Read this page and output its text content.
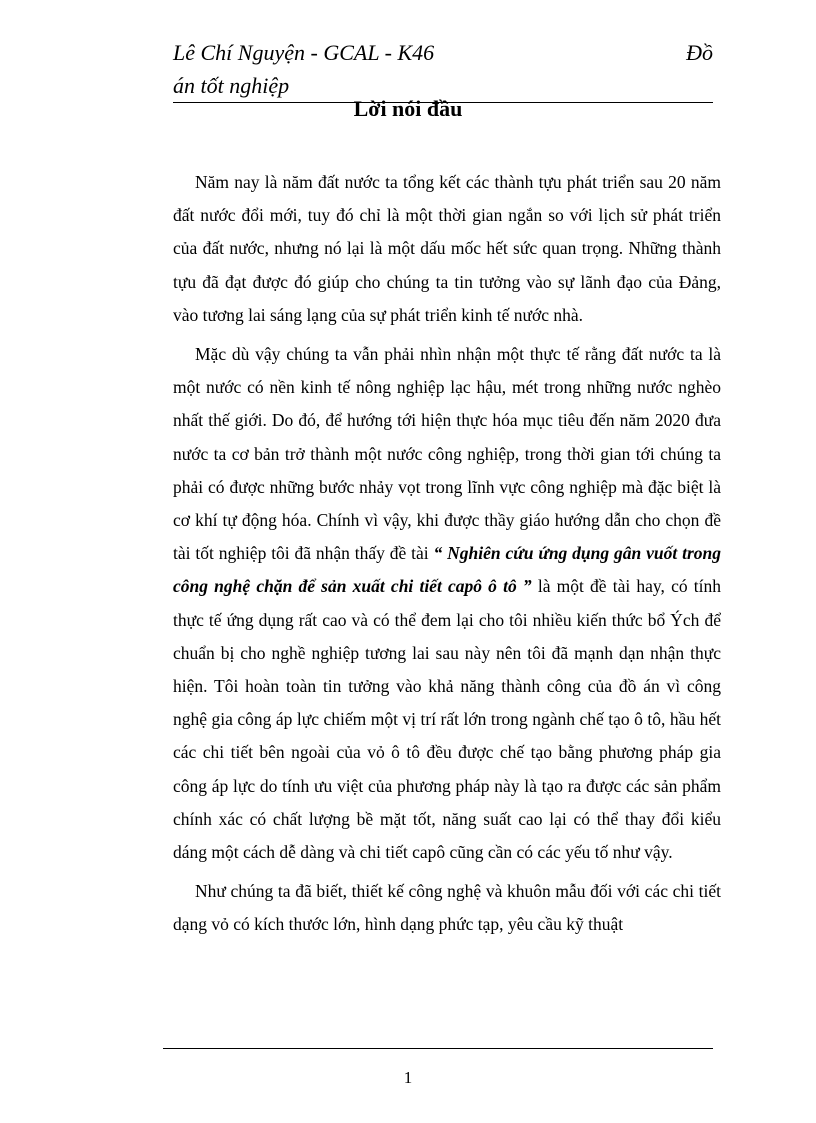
Lê Chí Nguyện - GCAL - K46	Đồ
án tốt nghiệp
Lời nói đầu

Năm nay là năm đất nước ta tổng kết các thành tựu phát triển sau 20 năm đất nước đổi mới, tuy đó chỉ là một thời gian ngắn so với lịch sử phát triển của đất nước, nhưng nó lại là một dấu mốc hết sức quan trọng. Những thành tựu đã đạt được đó giúp cho chúng ta tin tưởng vào sự lãnh đạo của Đảng, vào tương lai sáng lạng của sự phát triển kinh tế nước nhà.

Mặc dù vậy chúng ta vẫn phải nhìn nhận một thực tế rằng đất nước ta là một nước có nền kinh tế nông nghiệp lạc hậu, mét trong những nước nghèo nhất thế giới. Do đó, để hướng tới hiện thực hóa mục tiêu đến năm 2020 đưa nước ta cơ bản trở thành một nước công nghiệp, trong thời gian tới chúng ta phải có được những bước nhảy vọt trong lĩnh vực công nghiệp mà đặc biệt là cơ khí tự động hóa. Chính vì vậy, khi được thầy giáo hướng dẫn cho chọn đề tài tốt nghiệp tôi đã nhận thấy đề tài “ Nghiên cứu ứng dụng gân vuốt trong công nghệ chặn để sản xuất chi tiết capô ô tô ” là một đề tài hay, có tính thực tế ứng dụng rất cao và có thể đem lại cho tôi nhiều kiến thức bổ Ých để chuẩn bị cho nghề nghiệp tương lai sau này nên tôi đã mạnh dạn nhận thực hiện. Tôi hoàn toàn tin tưởng vào khả năng thành công của đồ án vì công nghệ gia công áp lực chiếm một vị trí rất lớn trong ngành chế tạo ô tô, hầu hết các chi tiết bên ngoài của vỏ ô tô đều được chế tạo bằng phương pháp gia công áp lực do tính ưu việt của phương pháp này là tạo ra được các sản phẩm chính xác có chất lượng bề mặt tốt, năng suất cao lại có thể thay đổi kiểu dáng một cách dễ dàng và chi tiết capô cũng cần có các yếu tố như vậy.

Như chúng ta đã biết, thiết kế công nghệ và khuôn mẫu đối với các chi tiết dạng vỏ có kích thước lớn, hình dạng phức tạp, yêu cầu kỹ thuật

1
